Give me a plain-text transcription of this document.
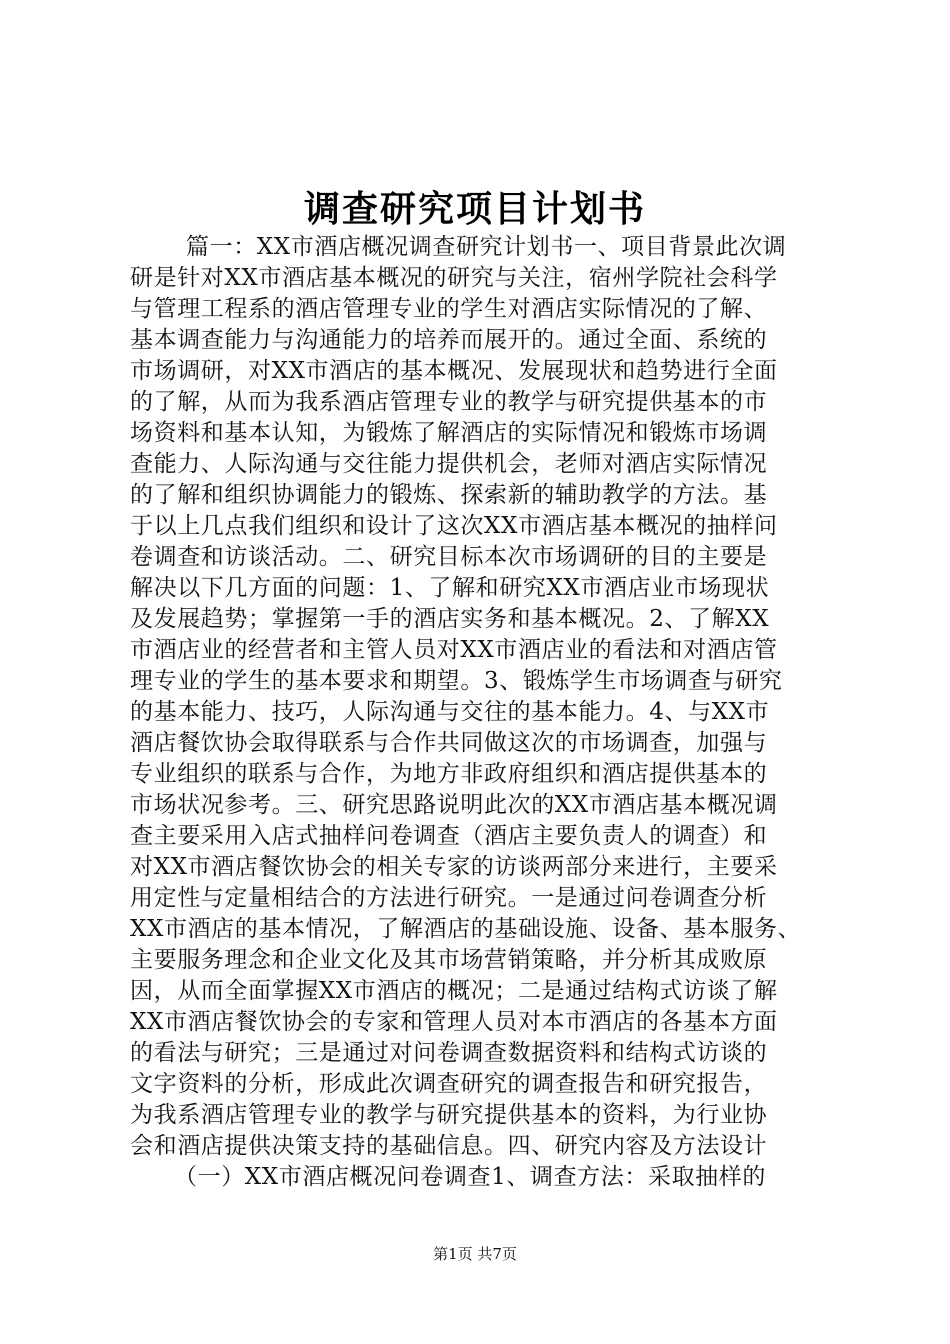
调查研究项目计划书
篇一：XX市酒店概况调查研究计划书一、项目背景此次调
研是针对XX市酒店基本概况的研究与关注，宿州学院社会科学
与管理工程系的酒店管理专业的学生对酒店实际情况的了解、
基本调查能力与沟通能力的培养而展开的。通过全面、系统的
市场调研，对XX市酒店的基本概况、发展现状和趋势进行全面
的了解，从而为我系酒店管理专业的教学与研究提供基本的市
场资料和基本认知，为锻炼了解酒店的实际情况和锻炼市场调
查能力、人际沟通与交往能力提供机会，老师对酒店实际情况
的了解和组织协调能力的锻炼、探索新的辅助教学的方法。基
于以上几点我们组织和设计了这次XX市酒店基本概况的抽样问
卷调查和访谈活动。二、研究目标本次市场调研的目的主要是
解决以下几方面的问题：1、了解和研究XX市酒店业市场现状
及发展趋势；掌握第一手的酒店实务和基本概况。2、了解XX
市酒店业的经营者和主管人员对XX市酒店业的看法和对酒店管
理专业的学生的基本要求和期望。3、锻炼学生市场调查与研究
的基本能力、技巧，人际沟通与交往的基本能力。4、与XX市
酒店餐饮协会取得联系与合作共同做这次的市场调查，加强与
专业组织的联系与合作，为地方非政府组织和酒店提供基本的
市场状况参考。三、研究思路说明此次的XX市酒店基本概况调
查主要采用入店式抽样问卷调查（酒店主要负责人的调查）和
对XX市酒店餐饮协会的相关专家的访谈两部分来进行，主要采
用定性与定量相结合的方法进行研究。一是通过问卷调查分析
XX市酒店的基本情况，了解酒店的基础设施、设备、基本服务、
主要服务理念和企业文化及其市场营销策略，并分析其成败原
因，从而全面掌握XX市酒店的概况；二是通过结构式访谈了解
XX市酒店餐饮协会的专家和管理人员对本市酒店的各基本方面
的看法与研究；三是通过对问卷调查数据资料和结构式访谈的
文字资料的分析，形成此次调查研究的调查报告和研究报告，
为我系酒店管理专业的教学与研究提供基本的资料，为行业协
会和酒店提供决策支持的基础信息。四、研究内容及方法设计
（一）XX市酒店概况问卷调查1、调查方法：采取抽样的
第1页 共7页
